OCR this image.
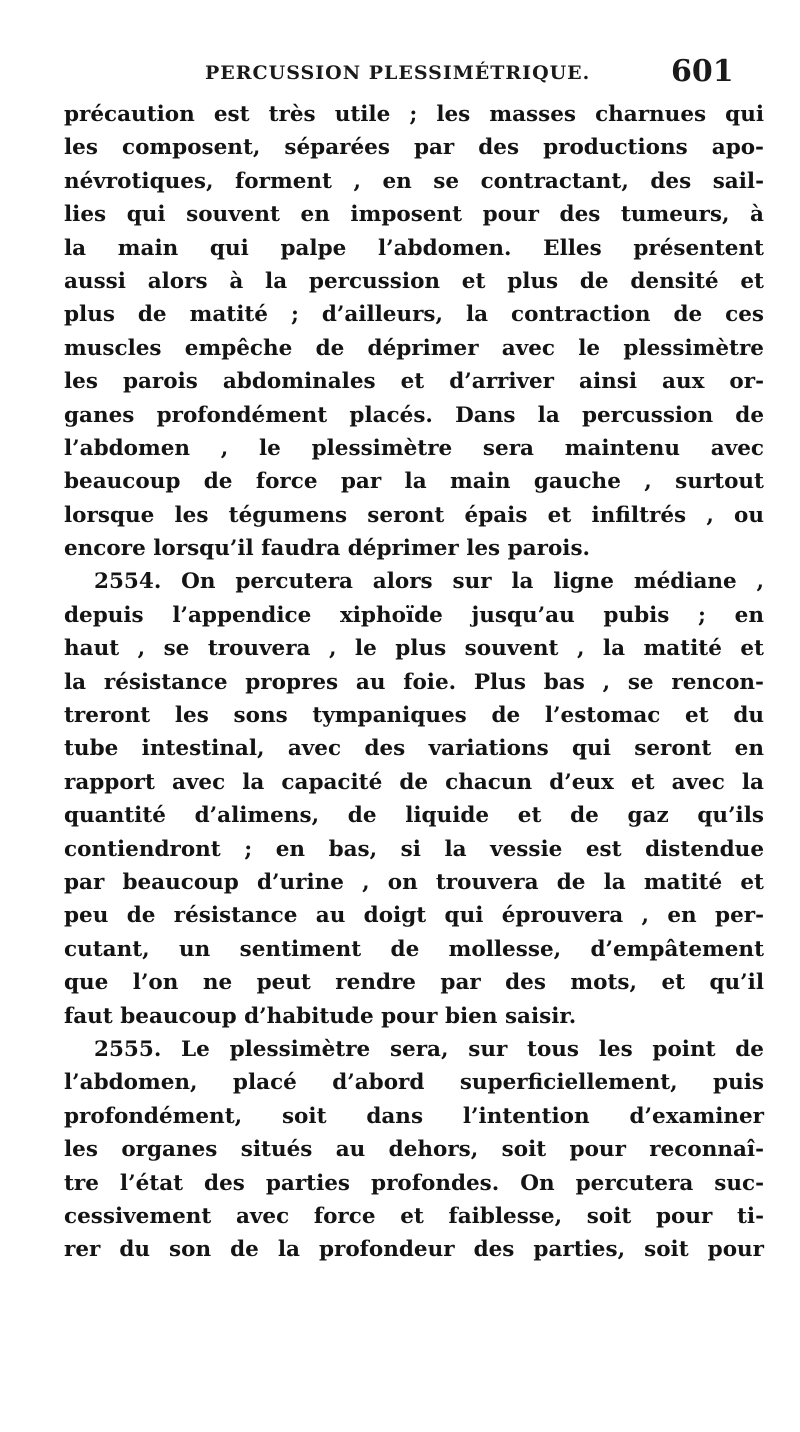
PERCUSSION PLESSIMÉTRIQUE.	601
précaution est très utile ; les masses charnues qui
les composent, séparées par des productions apo-
névrotiques, forment , en se contractant, des sail-
lies qui souvent en imposent pour des tumeurs, à
la main qui palpe l’abdomen. Elles présentent
aussi alors à la percussion et plus de densité et
plus de matité ; d’ailleurs, la contraction de ces
muscles empêche de déprimer avec le plessimètre
les parois abdominales et d’arriver ainsi aux or-
ganes profondément placés. Dans la percussion de
l’abdomen , le plessimètre sera maintenu avec
beaucoup de force par la main gauche , surtout
lorsque les tégumens seront épais et infiltrés , ou
encore lorsqu’il faudra déprimer les parois.
2554. On percutera alors sur la ligne médiane ,
depuis l’appendice xiphoïde jusqu’au pubis ; en
haut , se trouvera , le plus souvent , la matité et
la résistance propres au foie. Plus bas , se rencon-
treront les sons tympaniques de l’estomac et du
tube intestinal, avec des variations qui seront en
rapport avec la capacité de chacun d’eux et avec la
quantité d’alimens, de liquide et de gaz qu’ils
contiendront ; en bas, si la vessie est distendue
par beaucoup d’urine , on trouvera de la matité et
peu de résistance au doigt qui éprouvera , en per-
cutant, un sentiment de mollesse, d’empâtement
que l’on ne peut rendre par des mots, et qu’il
faut beaucoup d’habitude pour bien saisir.
2555. Le plessimètre sera, sur tous les point de
l’abdomen, placé d’abord superficiellement, puis
profondément, soit dans l’intention d’examiner
les organes situés au dehors, soit pour reconnaî-
tre l’état des parties profondes. On percutera suc-
cessivement avec force et faiblesse, soit pour ti-
rer du son de la profondeur des parties, soit pour
